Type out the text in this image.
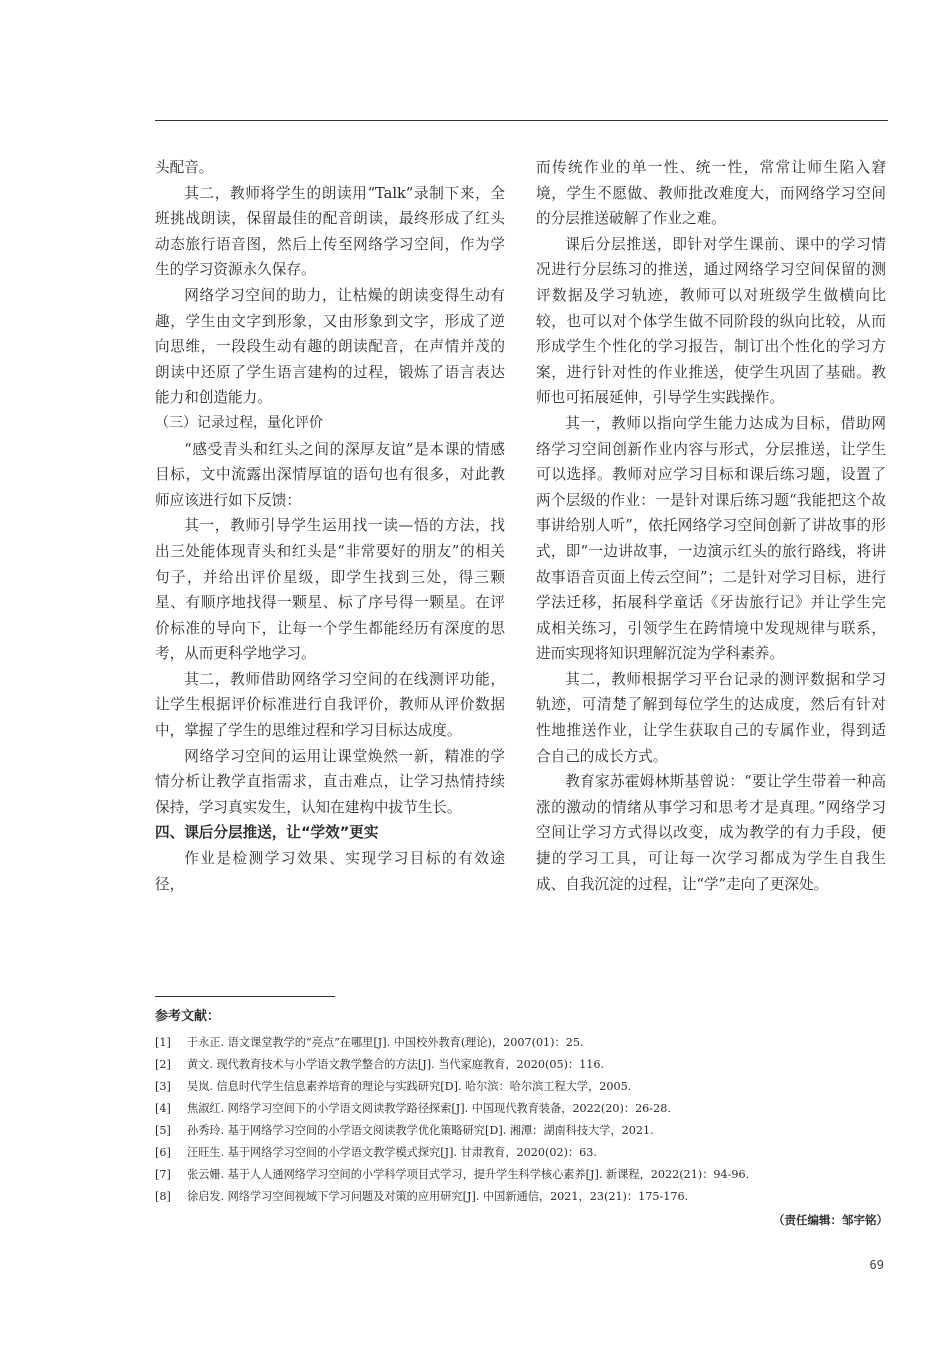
头配音。

其二，教师将学生的朗读用“Talk”录制下来，全班挑战朗读，保留最佳的配音朗读，最终形成了红头动态旅行语音图，然后上传至网络学习空间，作为学生的学习资源永久保存。

网络学习空间的助力，让枯燥的朗读变得生动有趣，学生由文字到形象，又由形象到文字，形成了逆向思维，一段段生动有趣的朗读配音，在声情并茂的朗读中还原了学生语言建构的过程，锻炼了语言表达能力和创造能力。

（三）记录过程，量化评价

“感受青头和红头之间的深厚友谊”是本课的情感目标，文中流露出深情厚谊的语句也有很多，对此教师应该进行如下反馈：

其一，教师引导学生运用找一读—悟的方法，找出三处能体现青头和红头是“非常要好的朋友”的相关句子，并给出评价星级，即学生找到三处，得三颗星、有顺序地找得一颗星、标了序号得一颗星。在评价标准的导向下，让每一个学生都能经历有深度的思考，从而更科学地学习。

其二，教师借助网络学习空间的在线测评功能，让学生根据评价标准进行自我评价，教师从评价数据中，掌握了学生的思维过程和学习目标达成度。

网络学习空间的运用让课堂焕然一新，精准的学情分析让教学直指需求，直击难点，让学习热情持续保持，学习真实发生，认知在建构中拔节生长。

四、课后分层推送，让“学效”更实

作业是检测学习效果、实现学习目标的有效途径，

而传统作业的单一性、统一性，常常让师生陷入窘境，学生不愿做、教师批改难度大，而网络学习空间的分层推送破解了作业之难。

课后分层推送，即针对学生课前、课中的学习情况进行分层练习的推送，通过网络学习空间保留的测评数据及学习轨迹，教师可以对班级学生做横向比较，也可以对个体学生做不同阶段的纵向比较，从而形成学生个性化的学习报告，制订出个性化的学习方案，进行针对性的作业推送，使学生巩固了基础。教师也可拓展延伸，引导学生实践操作。

其一，教师以指向学生能力达成为目标，借助网络学习空间创新作业内容与形式，分层推送，让学生可以选择。教师对应学习目标和课后练习题，设置了两个层级的作业：一是针对课后练习题“我能把这个故事讲给别人听”，依托网络学习空间创新了讲故事的形式，即“一边讲故事，一边演示红头的旅行路线，将讲故事语音页面上传云空间”；二是针对学习目标，进行学法迁移，拓展科学童话《牙齿旅行记》并让学生完成相关练习，引领学生在跨情境中发现规律与联系，进而实现将知识理解沉淀为学科素养。

其二，教师根据学习平台记录的测评数据和学习轨迹，可清楚了解到每位学生的达成度，然后有针对性地推送作业，让学生获取自己的专属作业，得到适合自己的成长方式。

教育家苏霍姆林斯基曾说：“要让学生带着一种高涨的激动的情绪从事学习和思考才是真理。”网络学习空间让学习方式得以改变，成为教学的有力手段，便捷的学习工具，可让每一次学习都成为学生自我生成、自我沉淀的过程，让“学”走向了更深处。

参考文献：
[1]	于永正. 语文课堂教学的“亮点”在哪里[J]. 中国校外教育(理论)，2007(01)：25.
[2]	黄文. 现代教育技术与小学语文教学整合的方法[J]. 当代家庭教育，2020(05)：116.
[3]	吴岚. 信息时代学生信息素养培育的理论与实践研究[D]. 哈尔滨：哈尔滨工程大学，2005.
[4]	焦淑红. 网络学习空间下的小学语文阅读教学路径探索[J]. 中国现代教育装备，2022(20)：26-28.
[5]	孙秀玲. 基于网络学习空间的小学语文阅读教学优化策略研究[D]. 湘潭：湖南科技大学，2021.
[6]	汪旺生. 基于网络学习空间的小学语文教学模式探究[J]. 甘肃教育，2020(02)：63.
[7]	张云姗. 基于人人通网络学习空间的小学科学项目式学习，提升学生科学核心素养[J]. 新课程，2022(21)：94-96.
[8]	徐启发. 网络学习空间视域下学习问题及对策的应用研究[J]. 中国新通信，2021，23(21)：175-176.
（责任编辑：邹宇铭）
69
